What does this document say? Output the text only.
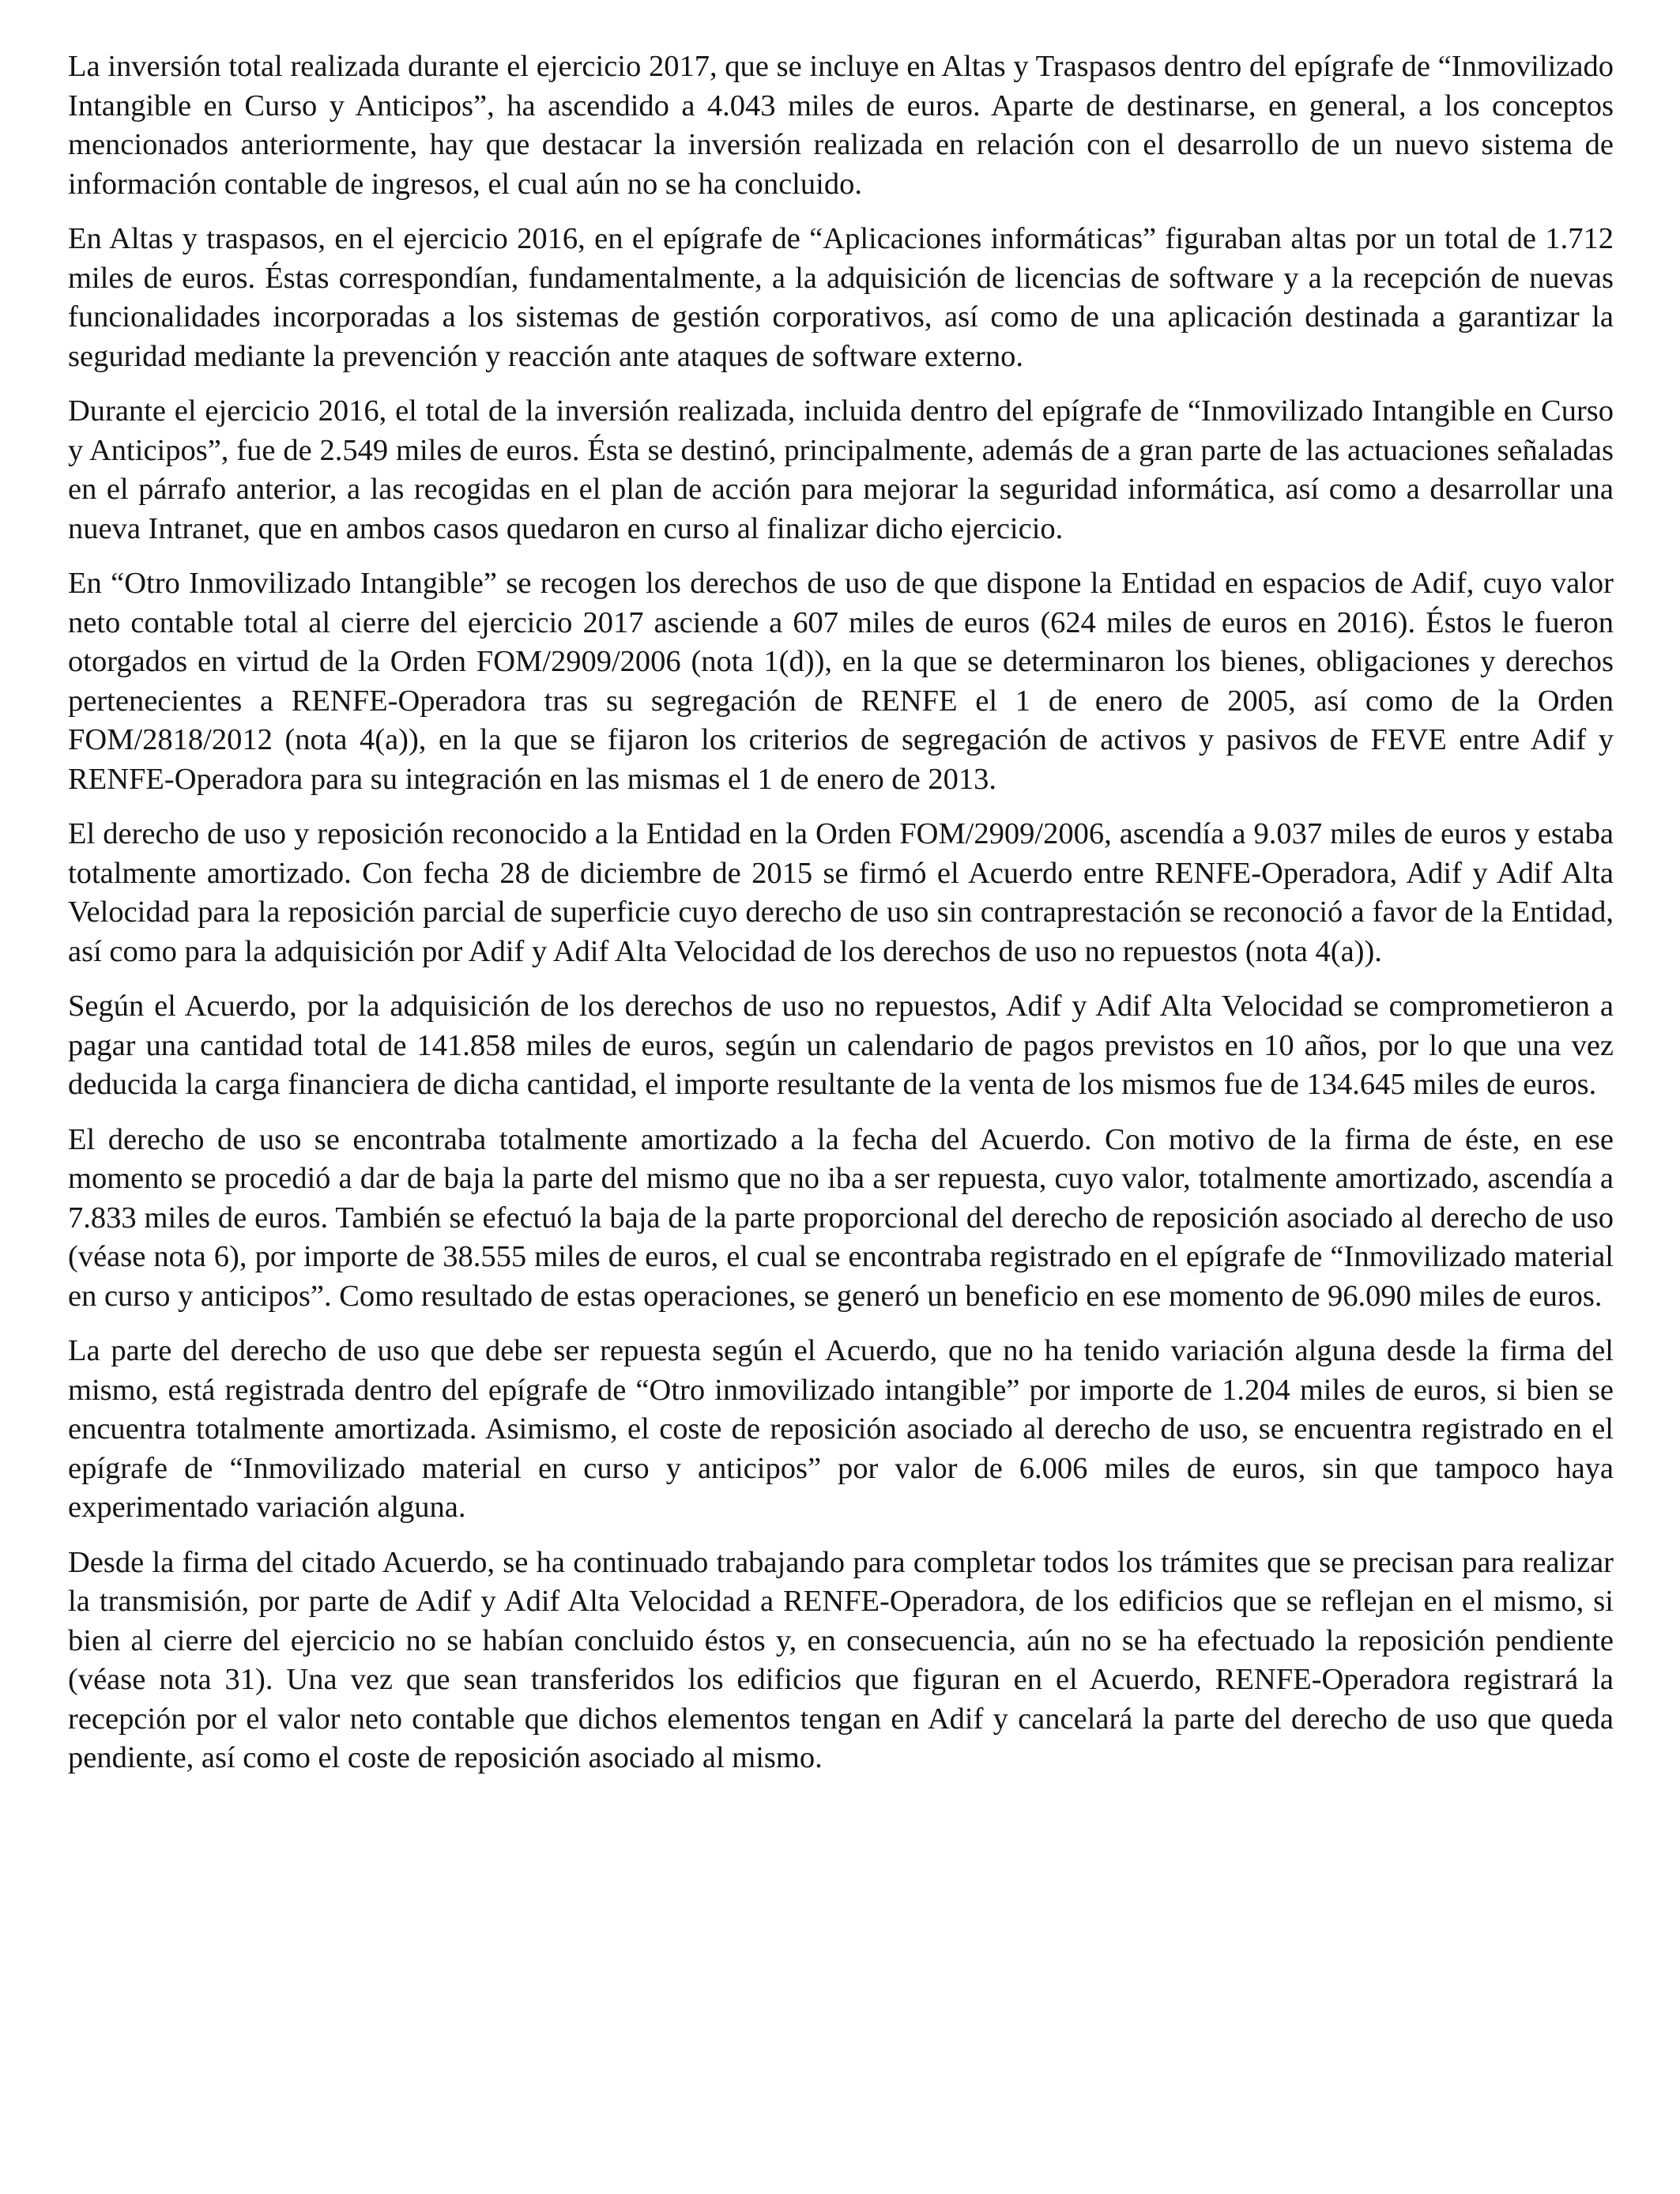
La inversión total realizada durante el ejercicio 2017, que se incluye en Altas y Traspasos dentro del epígrafe de “Inmovilizado Intangible en Curso y Anticipos”, ha ascendido a 4.043 miles de euros. Aparte de destinarse, en general, a los conceptos mencionados anteriormente, hay que destacar la inversión realizada en relación con el desarrollo de un nuevo sistema de información contable de ingresos, el cual aún no se ha concluido.

En Altas y traspasos, en el ejercicio 2016, en el epígrafe de “Aplicaciones informáticas” figuraban altas por un total de 1.712 miles de euros. Éstas correspondían, fundamentalmente, a la adquisición de licencias de software y a la recepción de nuevas funcionalidades incorporadas a los sistemas de gestión corporativos, así como de una aplicación destinada a garantizar la seguridad mediante la prevención y reacción ante ataques de software externo.

Durante el ejercicio 2016, el total de la inversión realizada, incluida dentro del epígrafe de “Inmovilizado Intangible en Curso y Anticipos”, fue de 2.549 miles de euros. Ésta se destinó, principalmente, además de a gran parte de las actuaciones señaladas en el párrafo anterior, a las recogidas en el plan de acción para mejorar la seguridad informática, así como a desarrollar una nueva Intranet, que en ambos casos quedaron en curso al finalizar dicho ejercicio.

En “Otro Inmovilizado Intangible” se recogen los derechos de uso de que dispone la Entidad en espacios de Adif, cuyo valor neto contable total al cierre del ejercicio 2017 asciende a 607 miles de euros (624 miles de euros en 2016). Éstos le fueron otorgados en virtud de la Orden FOM/2909/2006 (nota 1(d)), en la que se determinaron los bienes, obligaciones y derechos pertenecientes a RENFE-Operadora tras su segregación de RENFE el 1 de enero de 2005, así como de la Orden FOM/2818/2012 (nota 4(a)), en la que se fijaron los criterios de segregación de activos y pasivos de FEVE entre Adif y RENFE-Operadora para su integración en las mismas el 1 de enero de 2013.

El derecho de uso y reposición reconocido a la Entidad en la Orden FOM/2909/2006, ascendía a 9.037 miles de euros y estaba totalmente amortizado. Con fecha 28 de diciembre de 2015 se firmó el Acuerdo entre RENFE-Operadora, Adif y Adif Alta Velocidad para la reposición parcial de superficie cuyo derecho de uso sin contraprestación se reconoció a favor de la Entidad, así como para la adquisición por Adif y Adif Alta Velocidad de los derechos de uso no repuestos (nota 4(a)).

Según el Acuerdo, por la adquisición de los derechos de uso no repuestos, Adif y Adif Alta Velocidad se comprometieron a pagar una cantidad total de 141.858 miles de euros, según un calendario de pagos previstos en 10 años, por lo que una vez deducida la carga financiera de dicha cantidad, el importe resultante de la venta de los mismos fue de 134.645 miles de euros.

El derecho de uso se encontraba totalmente amortizado a la fecha del Acuerdo. Con motivo de la firma de éste, en ese momento se procedió a dar de baja la parte del mismo que no iba a ser repuesta, cuyo valor, totalmente amortizado, ascendía a 7.833 miles de euros. También se efectuó la baja de la parte proporcional del derecho de reposición asociado al derecho de uso (véase nota 6), por importe de 38.555 miles de euros, el cual se encontraba registrado en el epígrafe de “Inmovilizado material en curso y anticipos”. Como resultado de estas operaciones, se generó un beneficio en ese momento de 96.090 miles de euros.

La parte del derecho de uso que debe ser repuesta según el Acuerdo, que no ha tenido variación alguna desde la firma del mismo, está registrada dentro del epígrafe de “Otro inmovilizado intangible” por importe de 1.204 miles de euros, si bien se encuentra totalmente amortizada. Asimismo, el coste de reposición asociado al derecho de uso, se encuentra registrado en el epígrafe de “Inmovilizado material en curso y anticipos” por valor de 6.006 miles de euros, sin que tampoco haya experimentado variación alguna.

Desde la firma del citado Acuerdo, se ha continuado trabajando para completar todos los trámites que se precisan para realizar la transmisión, por parte de Adif y Adif Alta Velocidad a RENFE-Operadora, de los edificios que se reflejan en el mismo, si bien al cierre del ejercicio no se habían concluido éstos y, en consecuencia, aún no se ha efectuado la reposición pendiente (véase nota 31). Una vez que sean transferidos los edificios que figuran en el Acuerdo, RENFE-Operadora registrará la recepción por el valor neto contable que dichos elementos tengan en Adif y cancelará la parte del derecho de uso que queda pendiente, así como el coste de reposición asociado al mismo.
